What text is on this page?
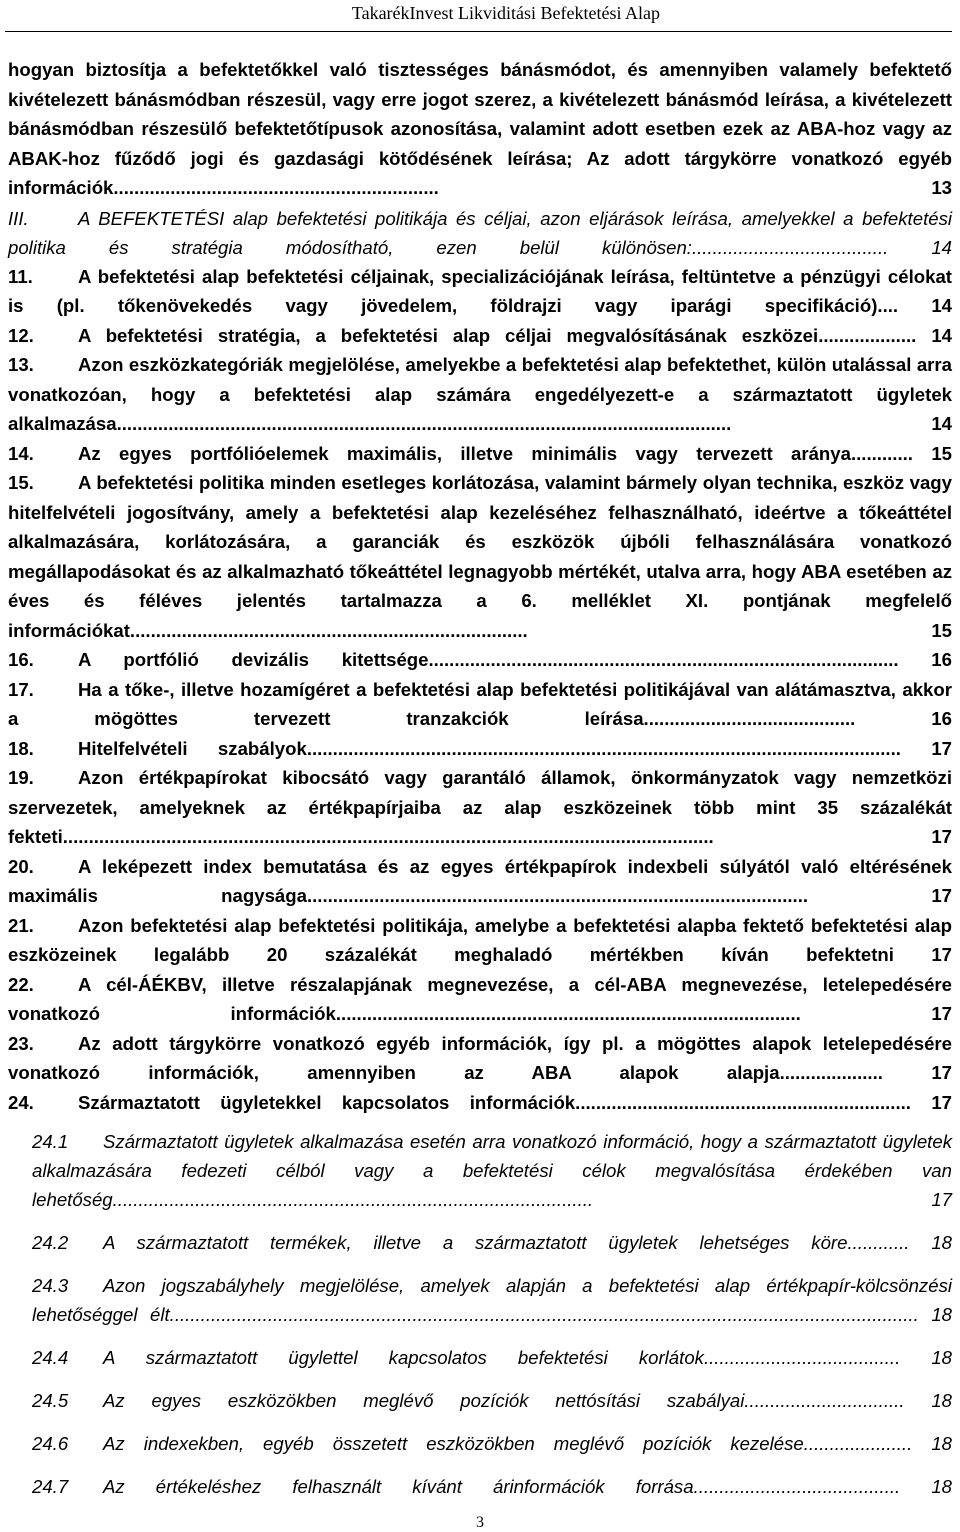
TakarékInvest Likviditási Befektetési Alap
hogyan biztosítja a befektetőkkel való tisztességes bánásmódot, és amennyiben valamely befektető kivételezett bánásmódban részesül, vagy erre jogot szerez, a kivételezett bánásmód leírása, a kivételezett bánásmódban részesülő befektetőtípusok azonosítása, valamint adott esetben ezek az ABA-hoz vagy az ABAK-hoz fűződő jogi és gazdasági kötődésének leírása; Az adott tárgykörre vonatkozó egyéb információk...............................................................	13
III.	A BEFEKTETÉSI alap befektetési politikája és céljai, azon eljárások leírása, amelyekkel a befektetési politika és stratégia módosítható, ezen belül különösen:...................................... 14
11. A befektetési alap befektetési céljainak, specializációjának leírása, feltüntetve a pénzügyi célokat is (pl. tőkenövekedés vagy jövedelem, földrajzi vagy iparági specifikáció).... 14
12. A befektetési stratégia, a befektetési alap céljai megvalósításának eszközei................... 14
13. Azon eszközkategóriák megjelölése, amelyekbe a befektetési alap befektethet, külön utalással arra vonatkozóan, hogy a befektetési alap számára engedélyezett-e a származtatott ügyletek alkalmazása.......................................................................................................................	14
14. Az egyes portfólióelemek maximális, illetve minimális vagy tervezett aránya............ 15
15. A befektetési politika minden esetleges korlátozása, valamint bármely olyan technika, eszköz vagy hitelfelvételi jogosítvány, amely a befektetési alap kezeléséhez felhasználható, ideértve a tőkeáttétel alkalmazására, korlátozására, a garanciák és eszközök újbóli felhasználására vonatkozó megállapodásokat és az alkalmazható tőkeáttétel legnagyobb mértékét, utalva arra, hogy ABA esetében az éves és féléves jelentés tartalmazza a 6. melléklet XI. pontjának megfelelő információkat.............................................................................	15
16. A portfólió devizális kitettsége........................................................................................... 16
17. Ha a tőke-, illetve hozamígéret a befektetési alap befektetési politikájával van alátámasztva, akkor a mögöttes tervezett tranzakciók leírása.........................................	16
18. Hitelfelvételi szabályok................................................................................................................... 17
19. Azon értékpapírokat kibocsátó vagy garantáló államok, önkormányzatok vagy nemzetközi szervezetek, amelyeknek az értékpapírjaiba az alap eszközeinek több mint 35 százalékát fekteti..............................................................................................................................	17
20. A leképezett index bemutatása és az egyes értékpapírok indexbeli súlyától való eltérésének maximális nagysága.................................................................................................	17
21. Azon befektetési alap befektetési politikája, amelybe a befektetési alapba fektető befektetési alap eszközeinek legalább 20 százalékát meghaladó mértékben kíván befektetni 17
22. A cél-ÁÉKBV, illetve részalapjának megnevezése, a cél-ABA megnevezése, letelepedésére vonatkozó információk..........................................................................................	17
23. Az adott tárgykörre vonatkozó egyéb információk, így pl. a mögöttes alapok letelepedésére vonatkozó információk, amennyiben az ABA alapok alapja....................	17
24. Származtatott ügyletekkel kapcsolatos információk................................................................. 17
24.1 Származtatott ügyletek alkalmazása esetén arra vonatkozó információ, hogy a származtatott ügyletek alkalmazására fedezeti célból vagy a befektetési célok megvalósítása érdekében van lehetőség.............................................................................................	17
24.2 A származtatott termékek, illetve a származtatott ügyletek lehetséges köre............ 18
24.3 Azon jogszabályhely megjelölése, amelyek alapján a befektetési alap értékpapír-kölcsönzési lehetőséggel élt................................................................................................................................................. 18
24.4 A származtatott ügylettel kapcsolatos befektetési korlátok...................................... 18
24.5 Az egyes eszközökben meglévő pozíciók nettósítási szabályai............................... 18
24.6 Az indexekben, egyéb összetett eszközökben meglévő pozíciók kezelése..................... 18
24.7 Az értékeléshez felhasznált kívánt árinformációk forrása........................................ 18
3
